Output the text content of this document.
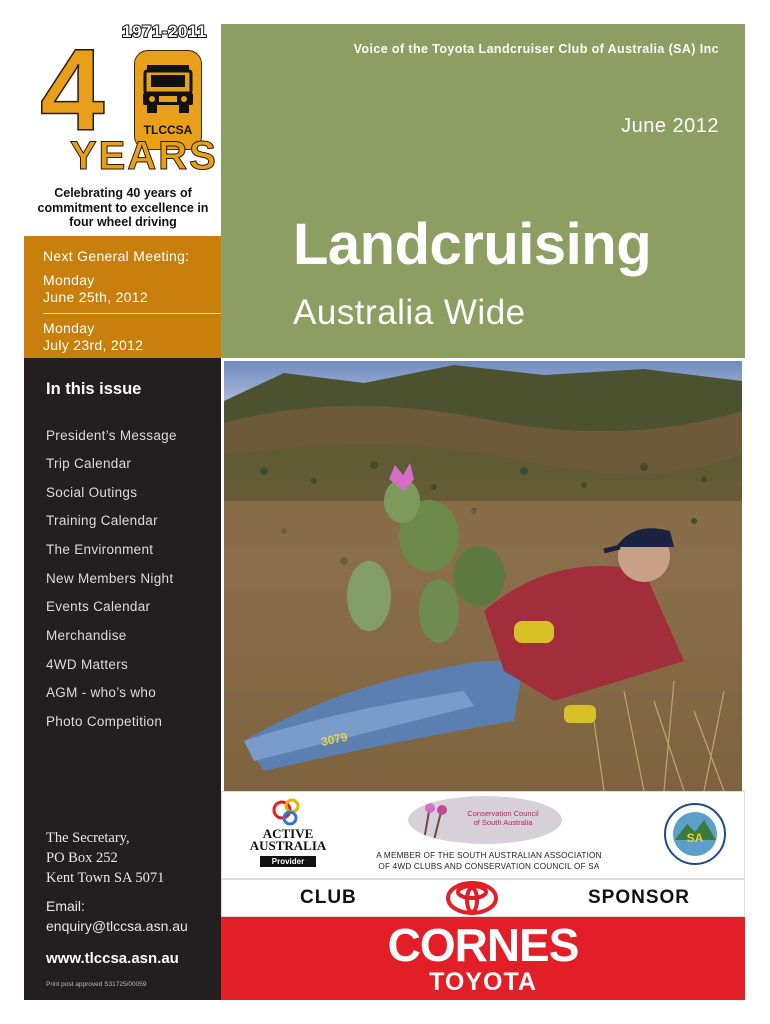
1971-2011
4	TLCCSA
YEARS
Celebrating 40 years of commitment to excellence in four wheel driving
Next General Meeting:
Monday
June 25th, 2012
Monday
July 23rd, 2012
Voice of the Toyota Landcruiser Club of Australia (SA) Inc
June 2012
Landcruising
Australia Wide
In this issue
President’s Message
Trip Calendar
Social Outings
Training Calendar
The Environment
New Members Night
Events Calendar
Merchandise
4WD Matters
AGM - who’s who
Photo Competition
The Secretary,
PO Box 252
Kent Town SA 5071
Email:
enquiry@tlccsa.asn.au
www.tlccsa.asn.au
Print post approved S31725/00059
3079
ACTIVE
AUSTRALIA
Provider
Conservation Council
of South Australia
A MEMBER OF THE SOUTH AUSTRALIAN ASSOCIATION
OF 4WD CLUBS AND CONSERVATION COUNCIL OF SA
SA
CLUB	SPONSOR
CORNES
TOYOTA
